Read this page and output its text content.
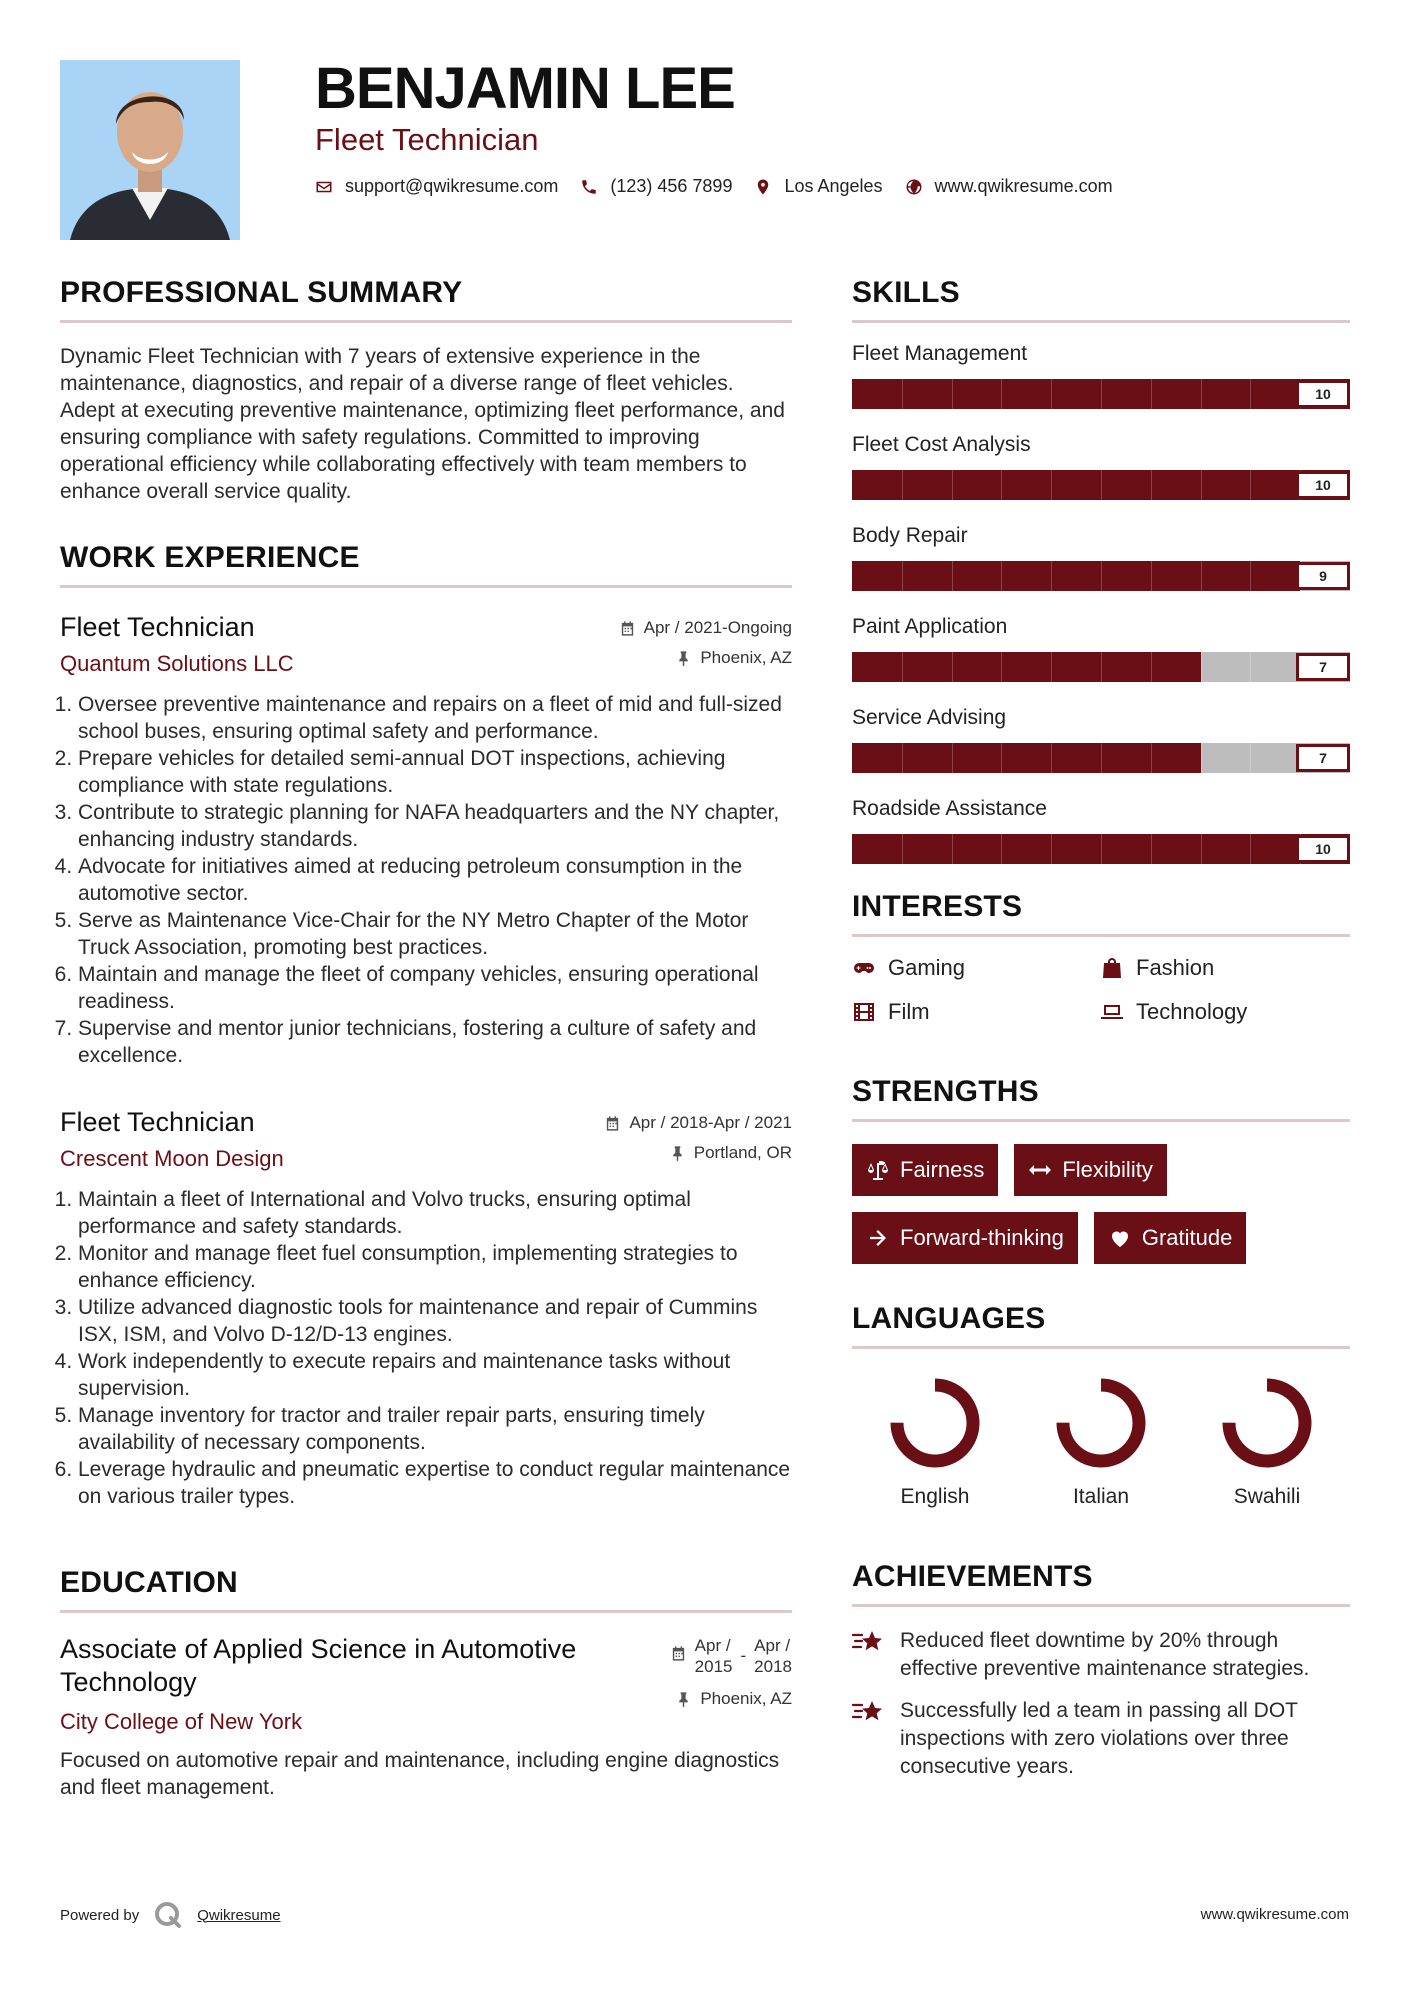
BENJAMIN LEE
Fleet Technician
support@qwikresume.com	(123) 456 7899	Los Angeles	www.qwikresume.com
PROFESSIONAL SUMMARY

Dynamic Fleet Technician with 7 years of extensive experience in the maintenance, diagnostics, and repair of a diverse range of fleet vehicles. Adept at executing preventive maintenance, optimizing fleet performance, and ensuring compliance with safety regulations. Committed to improving operational efficiency while collaborating effectively with team members to enhance overall service quality.

WORK EXPERIENCE
Fleet Technician
Quantum Solutions LLC
Apr / 2021-Ongoing
Phoenix, AZ
1. Oversee preventive maintenance and repairs on a fleet of mid and full-sized school buses, ensuring optimal safety and performance.
2. Prepare vehicles for detailed semi-annual DOT inspections, achieving compliance with state regulations.
3. Contribute to strategic planning for NAFA headquarters and the NY chapter, enhancing industry standards.
4. Advocate for initiatives aimed at reducing petroleum consumption in the automotive sector.
5. Serve as Maintenance Vice-Chair for the NY Metro Chapter of the Motor Truck Association, promoting best practices.
6. Maintain and manage the fleet of company vehicles, ensuring operational readiness.
7. Supervise and mentor junior technicians, fostering a culture of safety and excellence.
Fleet Technician
Crescent Moon Design
Apr / 2018-Apr / 2021
Portland, OR
1. Maintain a fleet of International and Volvo trucks, ensuring optimal performance and safety standards.
2. Monitor and manage fleet fuel consumption, implementing strategies to enhance efficiency.
3. Utilize advanced diagnostic tools for maintenance and repair of Cummins ISX, ISM, and Volvo D-12/D-13 engines.
4. Work independently to execute repairs and maintenance tasks without supervision.
5. Manage inventory for tractor and trailer repair parts, ensuring timely availability of necessary components.
6. Leverage hydraulic and pneumatic expertise to conduct regular maintenance on various trailer types.
EDUCATION
Associate of Applied Science in Automotive Technology
City College of New York
Apr /
2015
-
Apr /
2018
Phoenix, AZ

Focused on automotive repair and maintenance, including engine diagnostics and fleet management.

SKILLS
Fleet Management
10
Fleet Cost Analysis
10
Body Repair
9
Paint Application
7
Service Advising
7
Roadside Assistance
10
INTERESTS
Gaming	Fashion
Film	Technology
STRENGTHS
Fairness	Flexibility
Forward-thinking	Gratitude
LANGUAGES
English	Italian	Swahili
ACHIEVEMENTS
Reduced fleet downtime by 20% through effective preventive maintenance strategies.
Successfully led a team in passing all DOT inspections with zero violations over three consecutive years.
Powered by	Qwikresume	www.qwikresume.com
